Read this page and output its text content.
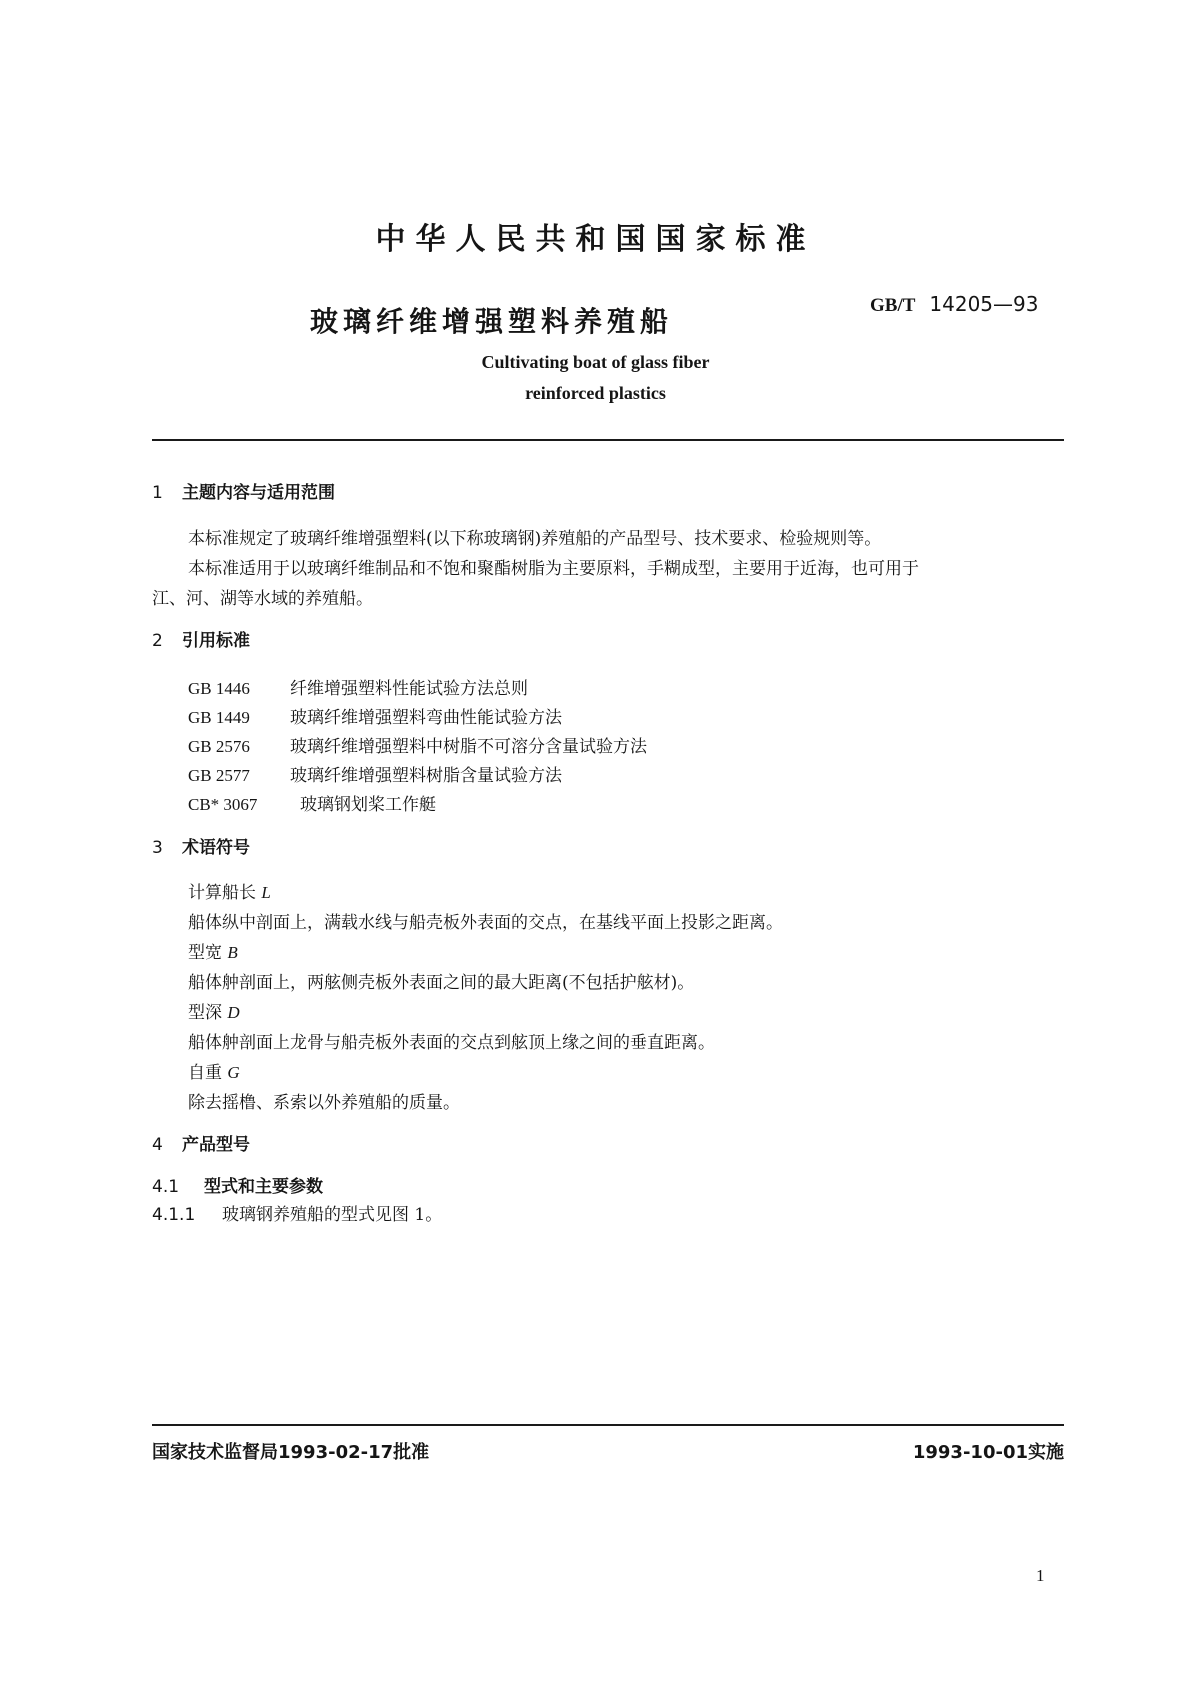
中华人民共和国国家标准
玻璃纤维增强塑料养殖船	GB/T 14205—93
Cultivating boat of glass fiber
reinforced plastics
1 主题内容与适用范围
本标准规定了玻璃纤维增强塑料(以下称玻璃钢)养殖船的产品型号、技术要求、检验规则等。
本标准适用于以玻璃纤维制品和不饱和聚酯树脂为主要原料，手糊成型，主要用于近海，也可用于
江、河、湖等水域的养殖船。
2 引用标准
GB 1446 纤维增强塑料性能试验方法总则
GB 1449 玻璃纤维增强塑料弯曲性能试验方法
GB 2576 玻璃纤维增强塑料中树脂不可溶分含量试验方法
GB 2577 玻璃纤维增强塑料树脂含量试验方法
CB* 3067	玻璃钢划桨工作艇
3 术语符号
计算船长 L
船体纵中剖面上，满载水线与船壳板外表面的交点，在基线平面上投影之距离。
型宽 B
船体舯剖面上，两舷侧壳板外表面之间的最大距离(不包括护舷材)。
型深 D
船体舯剖面上龙骨与船壳板外表面的交点到舷顶上缘之间的垂直距离。
自重 G
除去摇橹、系索以外养殖船的质量。
4 产品型号
4.1 型式和主要参数
4.1.1 玻璃钢养殖船的型式见图 1。
国家技术监督局1993-02-17批准	1993-10-01实施
1
